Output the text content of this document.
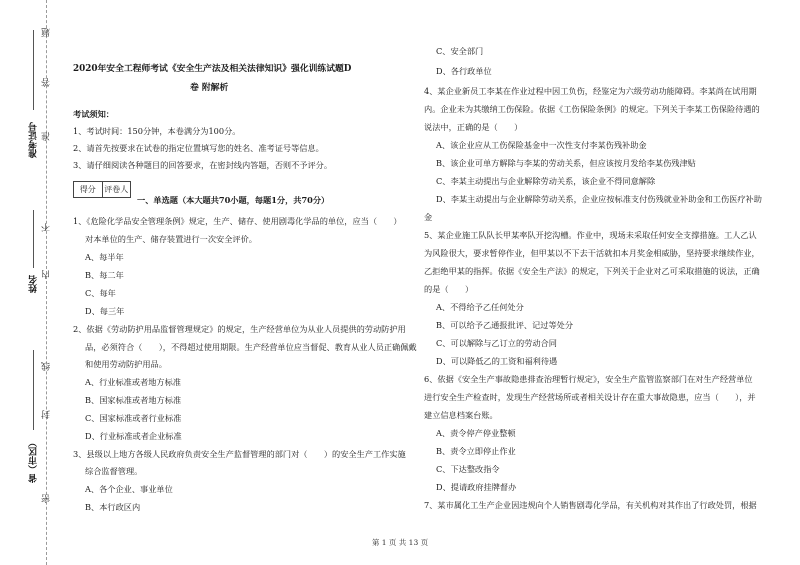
题
答
准
不
内
线
封
密
准考证号
姓名
省（市区）
2020年安全工程师考试《安全生产法及相关法律知识》强化训练试题D
卷 附解析
考试须知：
1、考试时间：150分钟，本卷满分为100分。
2、请首先按要求在试卷的指定位置填写您的姓名、准考证号等信息。
3、请仔细阅读各种题目的回答要求，在密封线内答题，否则不予评分。
得分	评卷人
一、单选题（本大题共70小题，每题1分，共70分）
1、《危险化学品安全管理条例》规定，生产、储存、使用剧毒化学品的单位，应当（　　）
对本单位的生产、储存装置进行一次安全评价。
A、每半年
B、每二年
C、每年
D、每三年
2、依据《劳动防护用品监督管理规定》的规定，生产经营单位为从业人员提供的劳动防护用
品，必须符合（　　），不得超过使用期限。生产经营单位应当督促、教育从业人员正确佩戴
和使用劳动防护用品。
A、行业标准或者地方标准
B、国家标准或者地方标准
C、国家标准或者行业标准
D、行业标准或者企业标准
3、县级以上地方各级人民政府负责安全生产监督管理的部门对（　　）的安全生产工作实施
综合监督管理。
A、各个企业、事业单位
B、本行政区内
C、安全部门
D、各行政单位
4、某企业新员工李某在作业过程中因工负伤，经鉴定为六级劳动功能障碍。李某尚在试用期
内。企业未为其缴纳工伤保险。依据《工伤保险条例》的规定。下列关于李某工伤保险待遇的
说法中，正确的是（　　）
A、该企业应从工伤保险基金中一次性支付李某伤残补助金
B、该企业可单方解除与李某的劳动关系，但应该按月发给李某伤残津贴
C、李某主动提出与企业解除劳动关系，该企业不得同意解除
D、李某主动提出与企业解除劳动关系，企业应按标准支付伤残就业补助金和工伤医疗补助
金
5、某企业施工队队长甲某率队开挖沟槽。作业中，现场未采取任何安全支撑措施。工人乙认
为风险很大，要求暂停作业，但甲某以不下去干活就扣本月奖金相威胁，坚持要求继续作业，
乙拒绝甲某的指挥。依据《安全生产法》的规定，下列关于企业对乙可采取措施的说法，正确
的是（　　）
A、不得给予乙任何处分
B、可以给予乙通报批评、记过等处分
C、可以解除与乙订立的劳动合同
D、可以降低乙的工资和福利待遇
6、依据《安全生产事故隐患排查治理暂行规定》，安全生产监管监察部门在对生产经营单位
进行安全生产检查时，发现生产经营场所或者相关设计存在重大事故隐患，应当（　　），并
建立信息档案台账。
A、责令停产停业整顿
B、责令立即停止作业
C、下达整改指令
D、提请政府挂牌督办
7、某市属化工生产企业因违规向个人销售剧毒化学品，有关机构对其作出了行政处罚，根据
第 1 页 共 13 页
